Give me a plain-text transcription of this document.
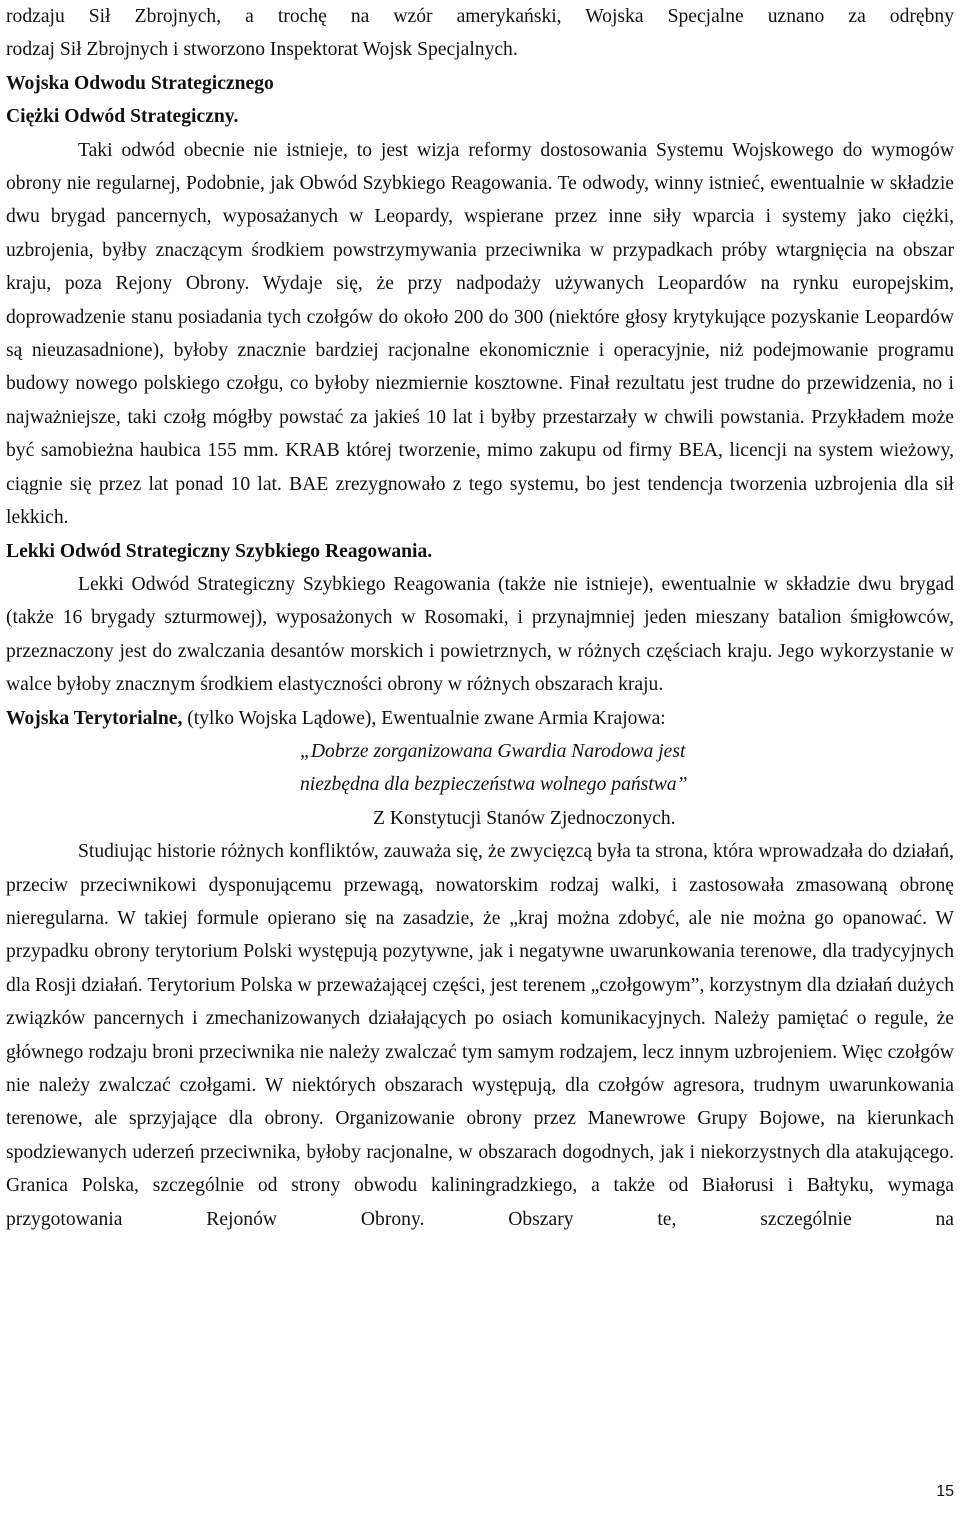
rodzaju Sił Zbrojnych, a trochę na wzór amerykański, Wojska Specjalne uznano za odrębny

rodzaj Sił Zbrojnych i stworzono Inspektorat Wojsk Specjalnych.

Wojska Odwodu Strategicznego

Ciężki Odwód Strategiczny.

Taki odwód obecnie nie istnieje, to jest wizja reformy dostosowania Systemu Wojskowego do wymogów obrony nie regularnej, Podobnie, jak Obwód Szybkiego Reagowania. Te odwody, winny istnieć, ewentualnie w składzie dwu brygad pancernych, wyposażanych w Leopardy, wspierane przez inne siły wparcia i systemy jako ciężki, uzbrojenia, byłby znaczącym środkiem powstrzymywania przeciwnika w przypadkach próby wtargnięcia na obszar kraju, poza Rejony Obrony. Wydaje się, że przy nadpodaży używanych Leopardów na rynku europejskim, doprowadzenie stanu posiadania tych czołgów do około 200 do 300 (niektóre głosy krytykujące pozyskanie Leopardów są nieuzasadnione), byłoby znacznie bardziej racjonalne ekonomicznie i operacyjnie, niż podejmowanie programu budowy nowego polskiego czołgu, co byłoby niezmiernie kosztowne. Finał rezultatu jest trudne do przewidzenia, no i najważniejsze, taki czołg mógłby powstać za jakieś 10 lat i byłby przestarzały w chwili powstania. Przykładem może być samobieżna haubica 155 mm. KRAB której tworzenie, mimo zakupu od firmy BEA, licencji na system wieżowy, ciągnie się przez lat ponad 10 lat. BAE zrezygnowało z tego systemu, bo jest tendencja tworzenia uzbrojenia dla sił lekkich.

Lekki Odwód Strategiczny Szybkiego Reagowania.

Lekki Odwód Strategiczny Szybkiego Reagowania (także nie istnieje), ewentualnie w składzie dwu brygad (także 16 brygady szturmowej), wyposażonych w Rosomaki, i przynajmniej jeden mieszany batalion śmigłowców, przeznaczony jest do zwalczania desantów morskich i powietrznych, w różnych częściach kraju. Jego wykorzystanie w walce byłoby znacznym środkiem elastyczności obrony w różnych obszarach kraju.

Wojska Terytorialne, (tylko Wojska Lądowe), Ewentualnie zwane Armia Krajowa:

„Dobrze zorganizowana Gwardia Narodowa jest

niezbędna dla bezpieczeństwa wolnego państwa”

Z Konstytucji Stanów Zjednoczonych.

Studiując historie różnych konfliktów, zauważa się, że zwycięzcą była ta strona, która wprowadzała do działań, przeciw przeciwnikowi dysponującemu przewagą, nowatorskim rodzaj walki, i zastosowała zmasowaną obronę nieregularna. W takiej formule opierano się na zasadzie, że „kraj można zdobyć, ale nie można go opanować. W przypadku obrony terytorium Polski występują pozytywne, jak i negatywne uwarunkowania terenowe, dla tradycyjnych dla Rosji działań. Terytorium Polska w przeważającej części, jest terenem „czołgowym”, korzystnym dla działań dużych związków pancernych i zmechanizowanych działających po osiach komunikacyjnych. Należy pamiętać o regule, że głównego rodzaju broni przeciwnika nie należy zwalczać tym samym rodzajem, lecz innym uzbrojeniem. Więc czołgów nie należy zwalczać czołgami. W niektórych obszarach występują, dla czołgów agresora, trudnym uwarunkowania terenowe, ale sprzyjające dla obrony. Organizowanie obrony przez Manewrowe Grupy Bojowe, na kierunkach spodziewanych uderzeń przeciwnika, byłoby racjonalne, w obszarach dogodnych, jak i niekorzystnych dla atakującego. Granica Polska, szczególnie od strony obwodu kaliningradzkiego, a także od Białorusi i Bałtyku, wymaga przygotowania Rejonów Obrony. Obszary te, szczególnie na

15
